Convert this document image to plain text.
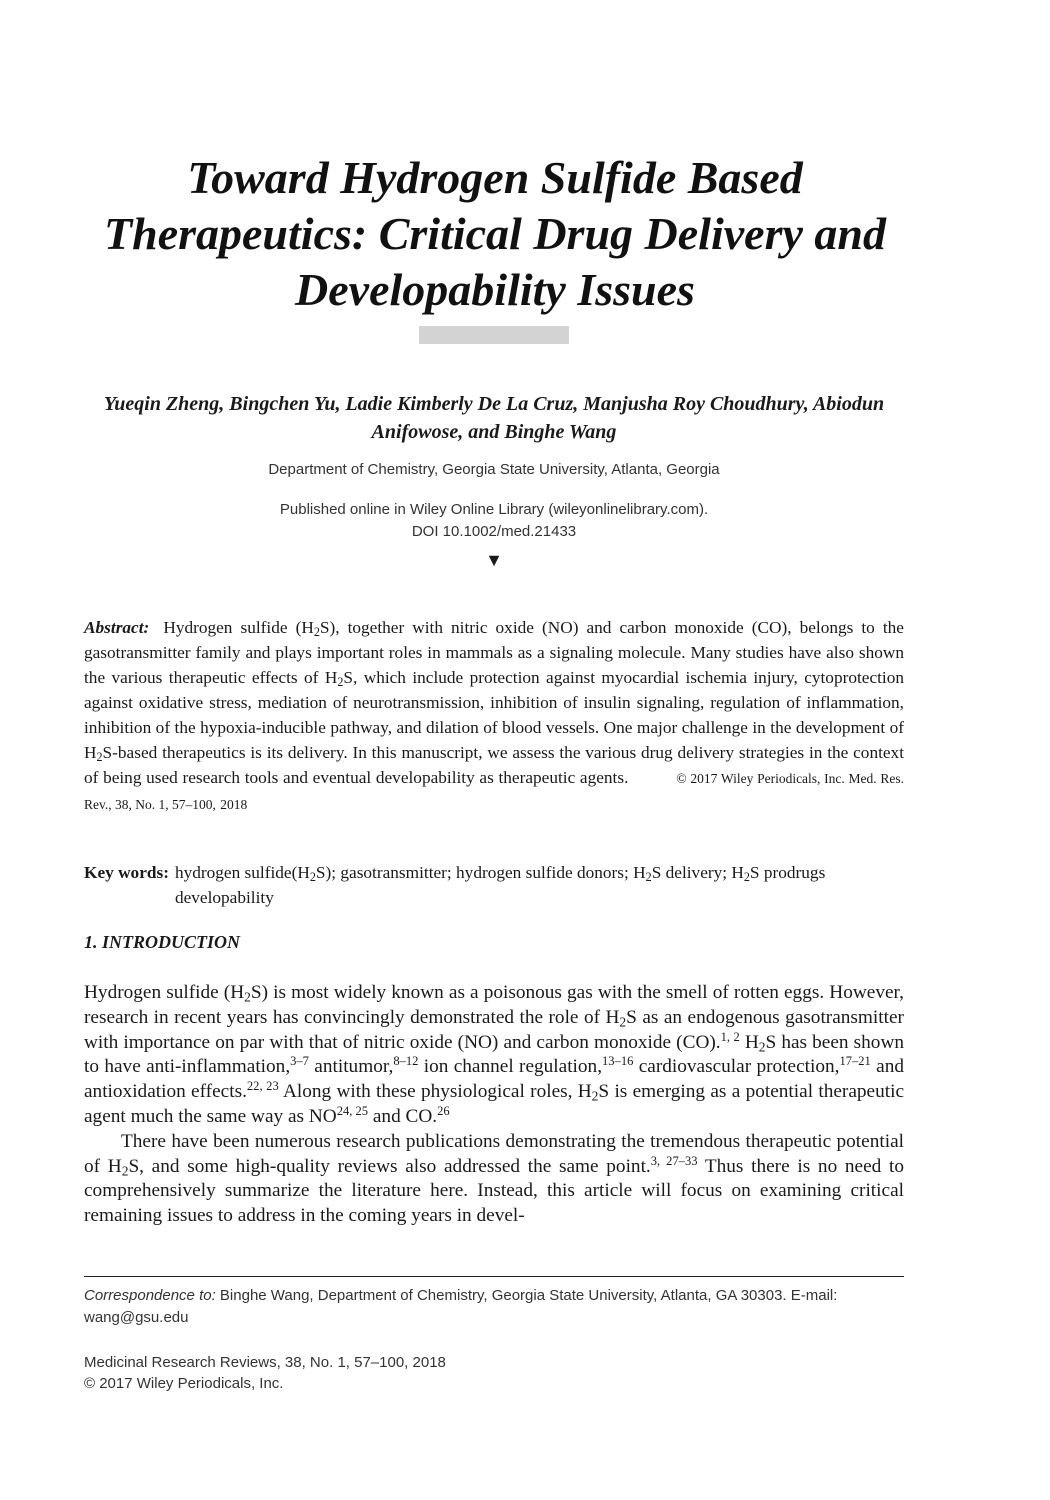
Toward Hydrogen Sulfide Based Therapeutics: Critical Drug Delivery and Developability Issues
Yueqin Zheng, Bingchen Yu, Ladie Kimberly De La Cruz, Manjusha Roy Choudhury, Abiodun Anifowose, and Binghe Wang
Department of Chemistry, Georgia State University, Atlanta, Georgia
Published online in Wiley Online Library (wileyonlinelibrary.com).
DOI 10.1002/med.21433
▼
Abstract: Hydrogen sulfide $(H_2S)$, together with nitric oxide (NO) and carbon monoxide (CO), belongs to the gasotransmitter family and plays important roles in mammals as a signaling molecule. Many studies have also shown the various therapeutic effects of $H_2S$, which include protection against myocardial ischemia injury, cytoprotection against oxidative stress, mediation of neurotransmission, inhibition of insulin signaling, regulation of inflammation, inhibition of the hypoxia-inducible pathway, and dilation of blood vessels. One major challenge in the development of $H_2S$-based therapeutics is its delivery. In this manuscript, we assess the various drug delivery strategies in the context of being used research tools and eventual developability as therapeutic agents.	© 2017 Wiley Periodicals, Inc. Med. Res. Rev., 38, No. 1, 57–100, 2018
Key words: hydrogen $sulfide(H_2S)$; gasotransmitter; hydrogen sulfide donors; $H_2S$ delivery; $H_2S$ prodrugs developability
1. INTRODUCTION

Hydrogen sulfide $(H_2S)$ is most widely known as a poisonous gas with the smell of rotten eggs. However, research in recent years has convincingly demonstrated the role of $H_2S$ as an endogenous gasotransmitter with importance on par with that of nitric oxide (NO) and carbon monoxide (CO).$^{1, 2}$ $H_2S$ has been shown to have anti-inflammation,$^{3-7}$ antitumor,$^{8-12}$ ion channel regulation,$^{13-16}$ cardiovascular protection,$^{17-21}$ and antioxidation effects.$^{22, 23}$ Along with these physiological roles, $H_2S$ is emerging as a potential therapeutic agent much the same way as NO$^{24, 25}$ and CO.$^{26}$

There have been numerous research publications demonstrating the tremendous therapeutic potential of $H_2S$, and some high-quality reviews also addressed the same point.$^{3, 27-33}$ Thus there is no need to comprehensively summarize the literature here. Instead, this article will focus on examining critical remaining issues to address in the coming years in devel-

Correspondence to: Binghe Wang, Department of Chemistry, Georgia State University, Atlanta, GA 30303. E-mail: wang@gsu.edu
Medicinal Research Reviews, 38, No. 1, 57–100, 2018
© 2017 Wiley Periodicals, Inc.
